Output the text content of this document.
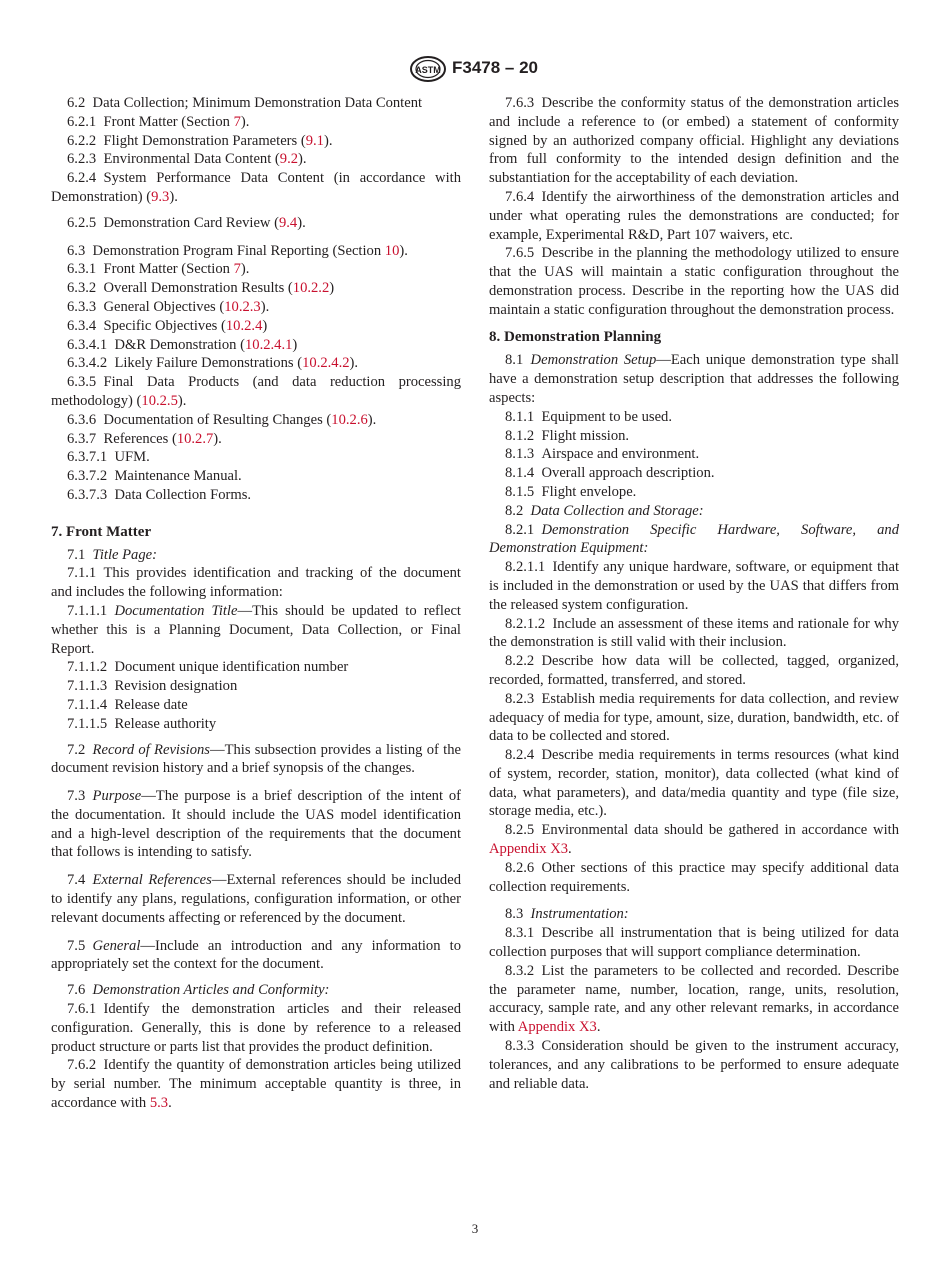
ASTM F3478 – 20

6.2  Data Collection; Minimum Demonstration Data Content

6.2.1  Front Matter (Section 7).

6.2.2  Flight Demonstration Parameters (9.1).

6.2.3  Environmental Data Content (9.2).

6.2.4  System Performance Data Content (in accordance with Demonstration) (9.3).

6.2.5  Demonstration Card Review (9.4).

6.3  Demonstration Program Final Reporting (Section 10).

6.3.1  Front Matter (Section 7).

6.3.2  Overall Demonstration Results (10.2.2)

6.3.3  General Objectives (10.2.3).

6.3.4  Specific Objectives (10.2.4)

6.3.4.1  D&R Demonstration (10.2.4.1)

6.3.4.2  Likely Failure Demonstrations (10.2.4.2).

6.3.5  Final Data Products (and data reduction processing methodology) (10.2.5).

6.3.6  Documentation of Resulting Changes (10.2.6).

6.3.7  References (10.2.7).

6.3.7.1  UFM.

6.3.7.2  Maintenance Manual.

6.3.7.3  Data Collection Forms.

7. Front Matter

7.1  Title Page:

7.1.1  This provides identification and tracking of the document and includes the following information:

7.1.1.1  Documentation Title—This should be updated to reflect whether this is a Planning Document, Data Collection, or Final Report.

7.1.1.2  Document unique identification number

7.1.1.3  Revision designation

7.1.1.4  Release date

7.1.1.5  Release authority

7.2  Record of Revisions—This subsection provides a listing of the document revision history and a brief synopsis of the changes.

7.3  Purpose—The purpose is a brief description of the intent of the documentation. It should include the UAS model identification and a high-level description of the requirements that the document that follows is intending to satisfy.

7.4  External References—External references should be included to identify any plans, regulations, configuration information, or other relevant documents affecting or referenced by the document.

7.5  General—Include an introduction and any information to appropriately set the context for the document.

7.6  Demonstration Articles and Conformity:

7.6.1  Identify the demonstration articles and their released configuration. Generally, this is done by reference to a released product structure or parts list that provides the product definition.

7.6.2  Identify the quantity of demonstration articles being utilized by serial number. The minimum acceptable quantity is three, in accordance with 5.3.

7.6.3  Describe the conformity status of the demonstration articles and include a reference to (or embed) a statement of conformity signed by an authorized company official. Highlight any deviations from full conformity to the intended design definition and the substantiation for the acceptability of each deviation.

7.6.4  Identify the airworthiness of the demonstration articles and under what operating rules the demonstrations are conducted; for example, Experimental R&D, Part 107 waivers, etc.

7.6.5  Describe in the planning the methodology utilized to ensure that the UAS will maintain a static configuration throughout the demonstration process. Describe in the reporting how the UAS did maintain a static configuration throughout the demonstration process.

8. Demonstration Planning

8.1  Demonstration Setup—Each unique demonstration type shall have a demonstration setup description that addresses the following aspects:

8.1.1  Equipment to be used.

8.1.2  Flight mission.

8.1.3  Airspace and environment.

8.1.4  Overall approach description.

8.1.5  Flight envelope.

8.2  Data Collection and Storage:

8.2.1  Demonstration Specific Hardware, Software, and Demonstration Equipment:

8.2.1.1  Identify any unique hardware, software, or equipment that is included in the demonstration or used by the UAS that differs from the released system configuration.

8.2.1.2  Include an assessment of these items and rationale for why the demonstration is still valid with their inclusion.

8.2.2  Describe how data will be collected, tagged, organized, recorded, formatted, transferred, and stored.

8.2.3  Establish media requirements for data collection, and review adequacy of media for type, amount, size, duration, bandwidth, etc. of data to be collected and stored.

8.2.4  Describe media requirements in terms resources (what kind of system, recorder, station, monitor), data collected (what kind of data, what parameters), and data/media quantity and type (file size, storage media, etc.).

8.2.5  Environmental data should be gathered in accordance with Appendix X3.

8.2.6  Other sections of this practice may specify additional data collection requirements.

8.3  Instrumentation:

8.3.1  Describe all instrumentation that is being utilized for data collection purposes that will support compliance determination.

8.3.2  List the parameters to be collected and recorded. Describe the parameter name, number, location, range, units, resolution, accuracy, sample rate, and any other relevant remarks, in accordance with Appendix X3.

8.3.3  Consideration should be given to the instrument accuracy, tolerances, and any calibrations to be performed to ensure adequate and reliable data.

3
